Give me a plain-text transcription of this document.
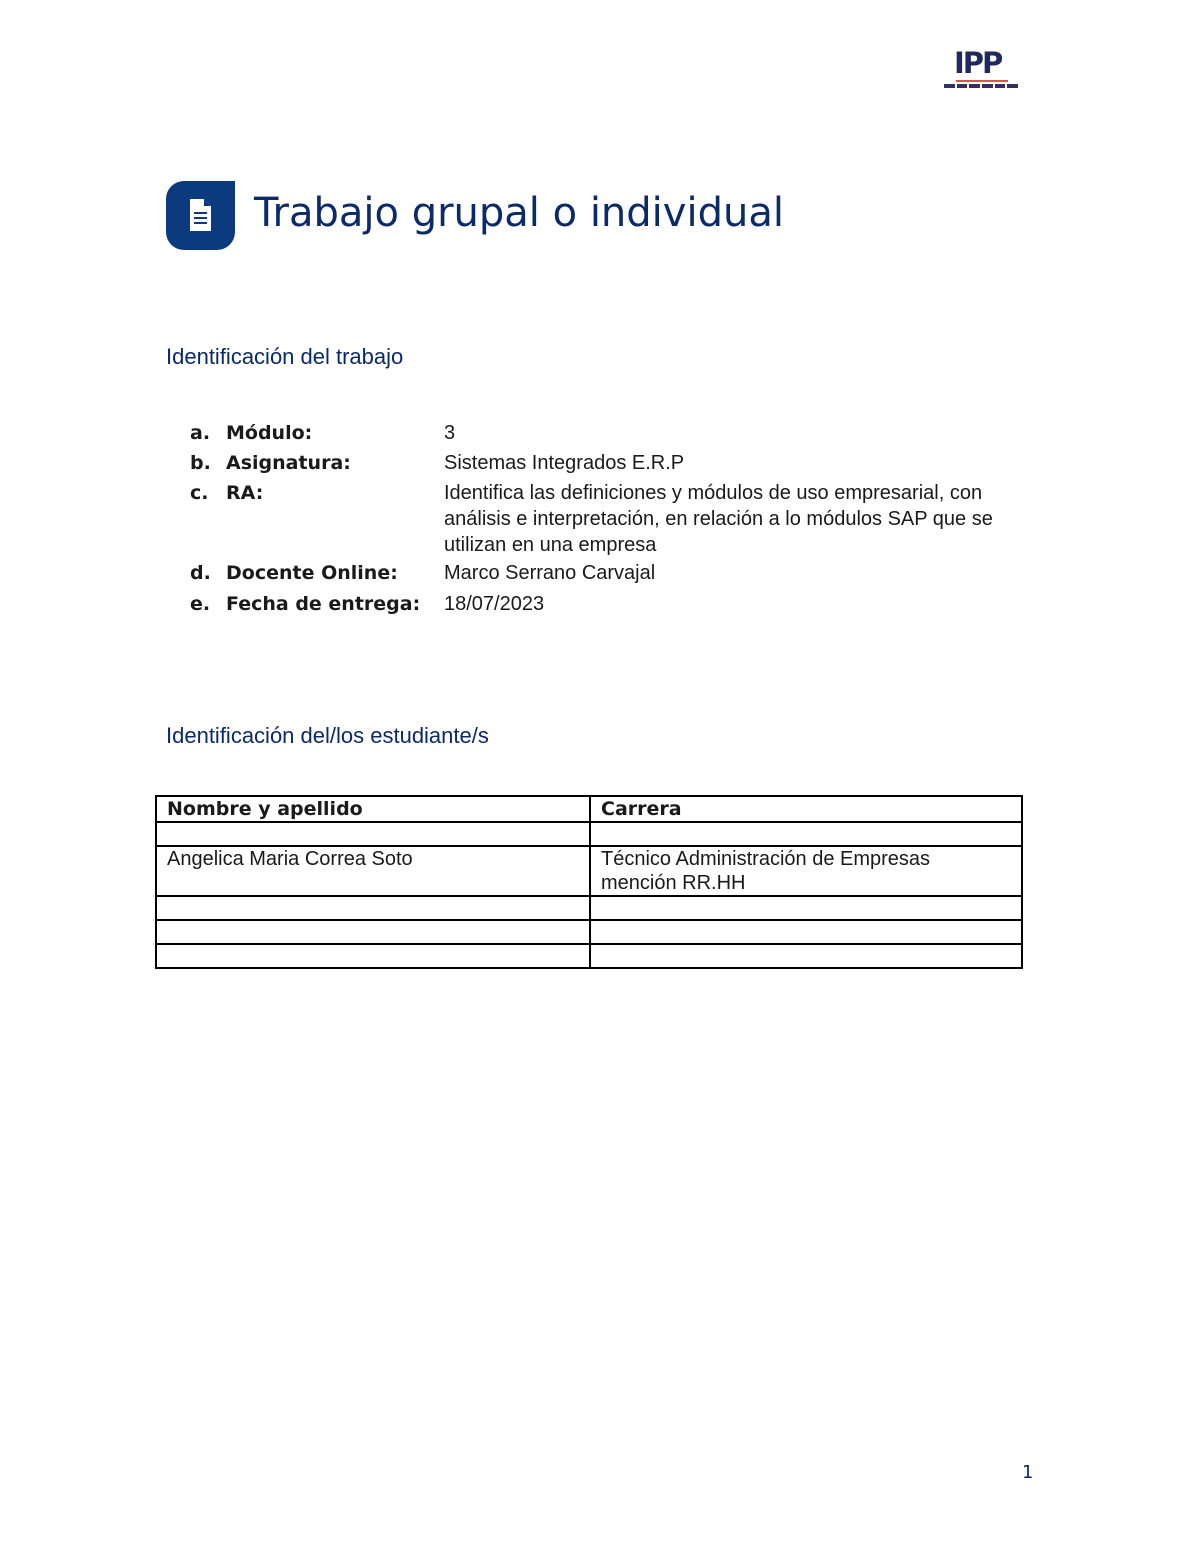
IPP
Trabajo grupal o individual
Identificación del trabajo
a. Módulo:	3
b. Asignatura:	Sistemas Integrados E.R.P
c. RA:	Identifica las definiciones y módulos de uso empresarial, con análisis e interpretación, en relación a lo módulos SAP que se utilizan en una empresa
d. Docente Online: Marco Serrano Carvajal
e. Fecha de entrega: 18/07/2023
Identificación del/los estudiante/s
Nombre y apellido	Carrera

Angelica Maria Correa Soto	Técnico Administración de Empresas mención RR.HH

1
